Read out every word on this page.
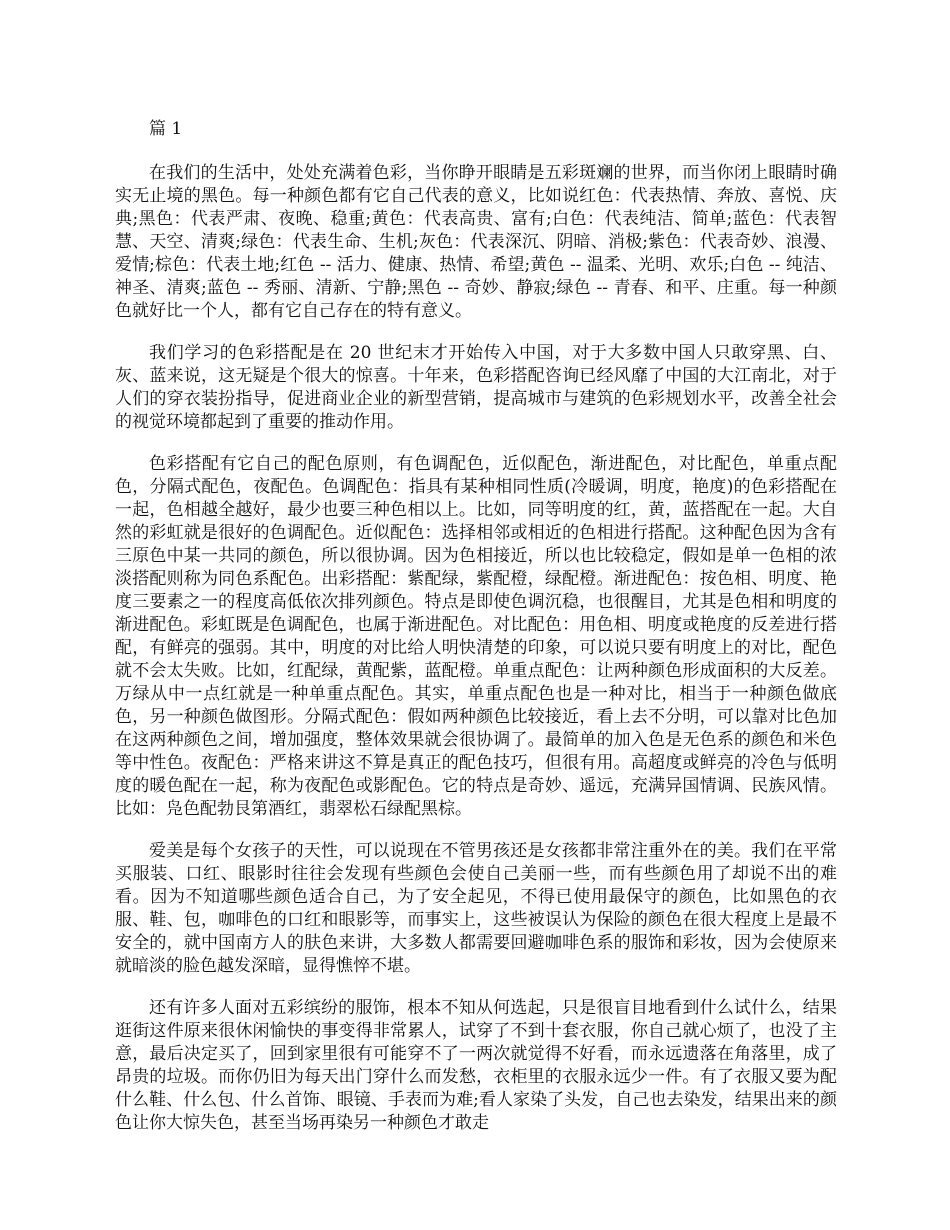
篇 1

在我们的生活中，处处充满着色彩，当你睁开眼睛是五彩斑斓的世界，而当你闭上眼睛时确实无止境的黑色。每一种颜色都有它自己代表的意义，比如说红色：代表热情、奔放、喜悦、庆典;黑色：代表严肃、夜晚、稳重;黄色：代表高贵、富有;白色：代表纯洁、简单;蓝色：代表智慧、天空、清爽;绿色：代表生命、生机;灰色：代表深沉、阴暗、消极;紫色：代表奇妙、浪漫、爱情;棕色：代表土地;红色 -- 活力、健康、热情、希望;黄色 -- 温柔、光明、欢乐;白色 -- 纯洁、神圣、清爽;蓝色 -- 秀丽、清新、宁静;黑色 -- 奇妙、静寂;绿色 -- 青春、和平、庄重。每一种颜色就好比一个人，都有它自己存在的特有意义。

我们学习的色彩搭配是在 20 世纪末才开始传入中国，对于大多数中国人只敢穿黑、白、灰、蓝来说，这无疑是个很大的惊喜。十年来，色彩搭配咨询已经风靡了中国的大江南北，对于人们的穿衣装扮指导，促进商业企业的新型营销，提高城市与建筑的色彩规划水平，改善全社会的视觉环境都起到了重要的推动作用。

色彩搭配有它自己的配色原则，有色调配色，近似配色，渐进配色，对比配色，单重点配色，分隔式配色，夜配色。色调配色：指具有某种相同性质(冷暖调，明度，艳度)的色彩搭配在一起，色相越全越好，最少也要三种色相以上。比如，同等明度的红，黄，蓝搭配在一起。大自然的彩虹就是很好的色调配色。近似配色：选择相邻或相近的色相进行搭配。这种配色因为含有三原色中某一共同的颜色，所以很协调。因为色相接近，所以也比较稳定，假如是单一色相的浓淡搭配则称为同色系配色。出彩搭配：紫配绿，紫配橙，绿配橙。渐进配色：按色相、明度、艳度三要素之一的程度高低依次排列颜色。特点是即使色调沉稳，也很醒目，尤其是色相和明度的渐进配色。彩虹既是色调配色，也属于渐进配色。对比配色：用色相、明度或艳度的反差进行搭配，有鲜亮的强弱。其中，明度的对比给人明快清楚的印象，可以说只要有明度上的对比，配色就不会太失败。比如，红配绿，黄配紫，蓝配橙。单重点配色：让两种颜色形成面积的大反差。万绿从中一点红就是一种单重点配色。其实，单重点配色也是一种对比，相当于一种颜色做底色，另一种颜色做图形。分隔式配色：假如两种颜色比较接近，看上去不分明，可以靠对比色加在这两种颜色之间，增加强度，整体效果就会很协调了。最简单的加入色是无色系的颜色和米色等中性色。夜配色：严格来讲这不算是真正的配色技巧，但很有用。高超度或鲜亮的冷色与低明度的暖色配在一起，称为夜配色或影配色。它的特点是奇妙、遥远，充满异国情调、民族风情。比如：凫色配勃艮第酒红，翡翠松石绿配黑棕。

爱美是每个女孩子的天性，可以说现在不管男孩还是女孩都非常注重外在的美。我们在平常买服装、口红、眼影时往往会发现有些颜色会使自己美丽一些，而有些颜色用了却说不出的难看。因为不知道哪些颜色适合自己，为了安全起见，不得已使用最保守的颜色，比如黑色的衣服、鞋、包，咖啡色的口红和眼影等，而事实上，这些被误认为保险的颜色在很大程度上是最不安全的，就中国南方人的肤色来讲，大多数人都需要回避咖啡色系的服饰和彩妆，因为会使原来就暗淡的脸色越发深暗，显得憔悴不堪。

还有许多人面对五彩缤纷的服饰，根本不知从何选起，只是很盲目地看到什么试什么，结果逛街这件原来很休闲愉快的事变得非常累人，试穿了不到十套衣服，你自己就心烦了，也没了主意，最后决定买了，回到家里很有可能穿不了一两次就觉得不好看，而永远遗落在角落里，成了昂贵的垃圾。而你仍旧为每天出门穿什么而发愁，衣柜里的衣服永远少一件。有了衣服又要为配什么鞋、什么包、什么首饰、眼镜、手表而为难;看人家染了头发，自己也去染发，结果出来的颜色让你大惊失色，甚至当场再染另一种颜色才敢走
